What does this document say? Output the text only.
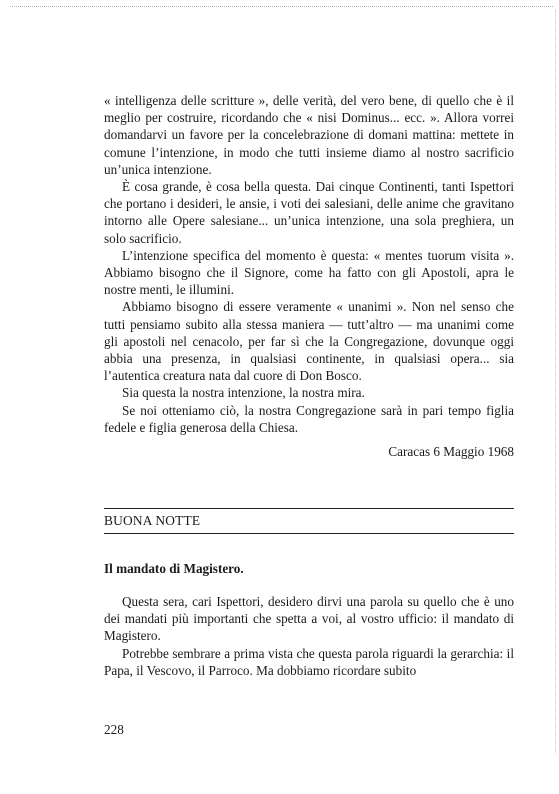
« intelligenza delle scritture », delle verità, del vero bene, di quello che è il meglio per costruire, ricordando che « nisi Dominus... ecc. ». Allora vorrei domandarvi un favore per la concelebrazione di domani mattina: mettete in comune l’intenzione, in modo che tutti insieme diamo al nostro sacrificio un’unica intenzione.

È cosa grande, è cosa bella questa. Dai cinque Continenti, tanti Ispettori che portano i desideri, le ansie, i voti dei salesiani, delle anime che gravitano intorno alle Opere salesiane... un’unica intenzione, una sola preghiera, un solo sacrificio.

L’intenzione specifica del momento è questa: « mentes tuorum visita ». Abbiamo bisogno che il Signore, come ha fatto con gli Apostoli, apra le nostre menti, le illumini.

Abbiamo bisogno di essere veramente « unanimi ». Non nel senso che tutti pensiamo subito alla stessa maniera — tutt’altro — ma unanimi come gli apostoli nel cenacolo, per far sì che la Congregazione, dovunque oggi abbia una presenza, in qualsiasi continente, in qualsiasi opera... sia l’autentica creatura nata dal cuore di Don Bosco.

Sia questa la nostra intenzione, la nostra mira.

Se noi otteniamo ciò, la nostra Congregazione sarà in pari tempo figlia fedele e figlia generosa della Chiesa.

Caracas 6 Maggio 1968
BUONA NOTTE
Il mandato di Magistero.

Questa sera, cari Ispettori, desidero dirvi una parola su quello che è uno dei mandati più importanti che spetta a voi, al vostro ufficio: il mandato di Magistero.

Potrebbe sembrare a prima vista che questa parola riguardi la gerarchia: il Papa, il Vescovo, il Parroco. Ma dobbiamo ricordare subito

228
